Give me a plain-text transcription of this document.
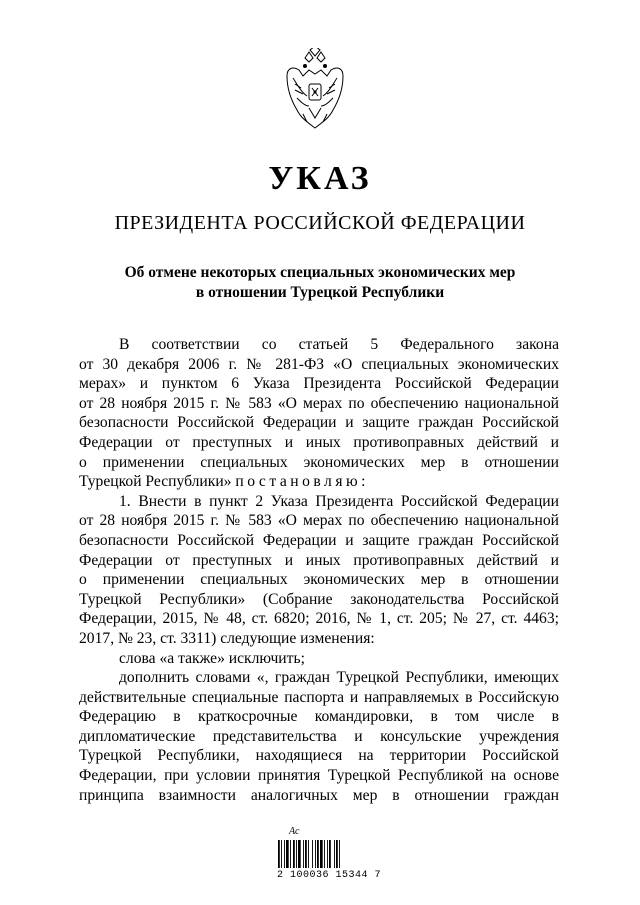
УКАЗ
ПРЕЗИДЕНТА РОССИЙСКОЙ ФЕДЕРАЦИИ
Об отмене некоторых специальных экономических мер
в отношении Турецкой Республики
В соответствии со статьей 5 Федерального закона
от 30 декабря 2006 г. № 281-ФЗ «О специальных экономических
мерах» и пунктом 6 Указа Президента Российской Федерации
от 28 ноября 2015 г. № 583 «О мерах по обеспечению национальной
безопасности Российской Федерации и защите граждан Российской
Федерации от преступных и иных противоправных действий и
о применении специальных экономических мер в отношении
Турецкой Республики» постановляю:
1. Внести в пункт 2 Указа Президента Российской Федерации
от 28 ноября 2015 г. № 583 «О мерах по обеспечению национальной
безопасности Российской Федерации и защите граждан Российской
Федерации от преступных и иных противоправных действий и
о применении специальных экономических мер в отношении
Турецкой Республики» (Собрание законодательства Российской
Федерации, 2015, № 48, ст. 6820; 2016, № 1, ст. 205; № 27, ст. 4463;
2017, № 23, ст. 3311) следующие изменения:
слова «а также» исключить;
дополнить словами «, граждан Турецкой Республики, имеющих
действительные специальные паспорта и направляемых в Российскую
Федерацию в краткосрочные командировки, в том числе в
дипломатические представительства и консульские учреждения
Турецкой Республики, находящиеся на территории Российской
Федерации, при условии принятия Турецкой Республикой на основе
принципа взаимности аналогичных мер в отношении граждан
Ас
2 100036 15344 7
